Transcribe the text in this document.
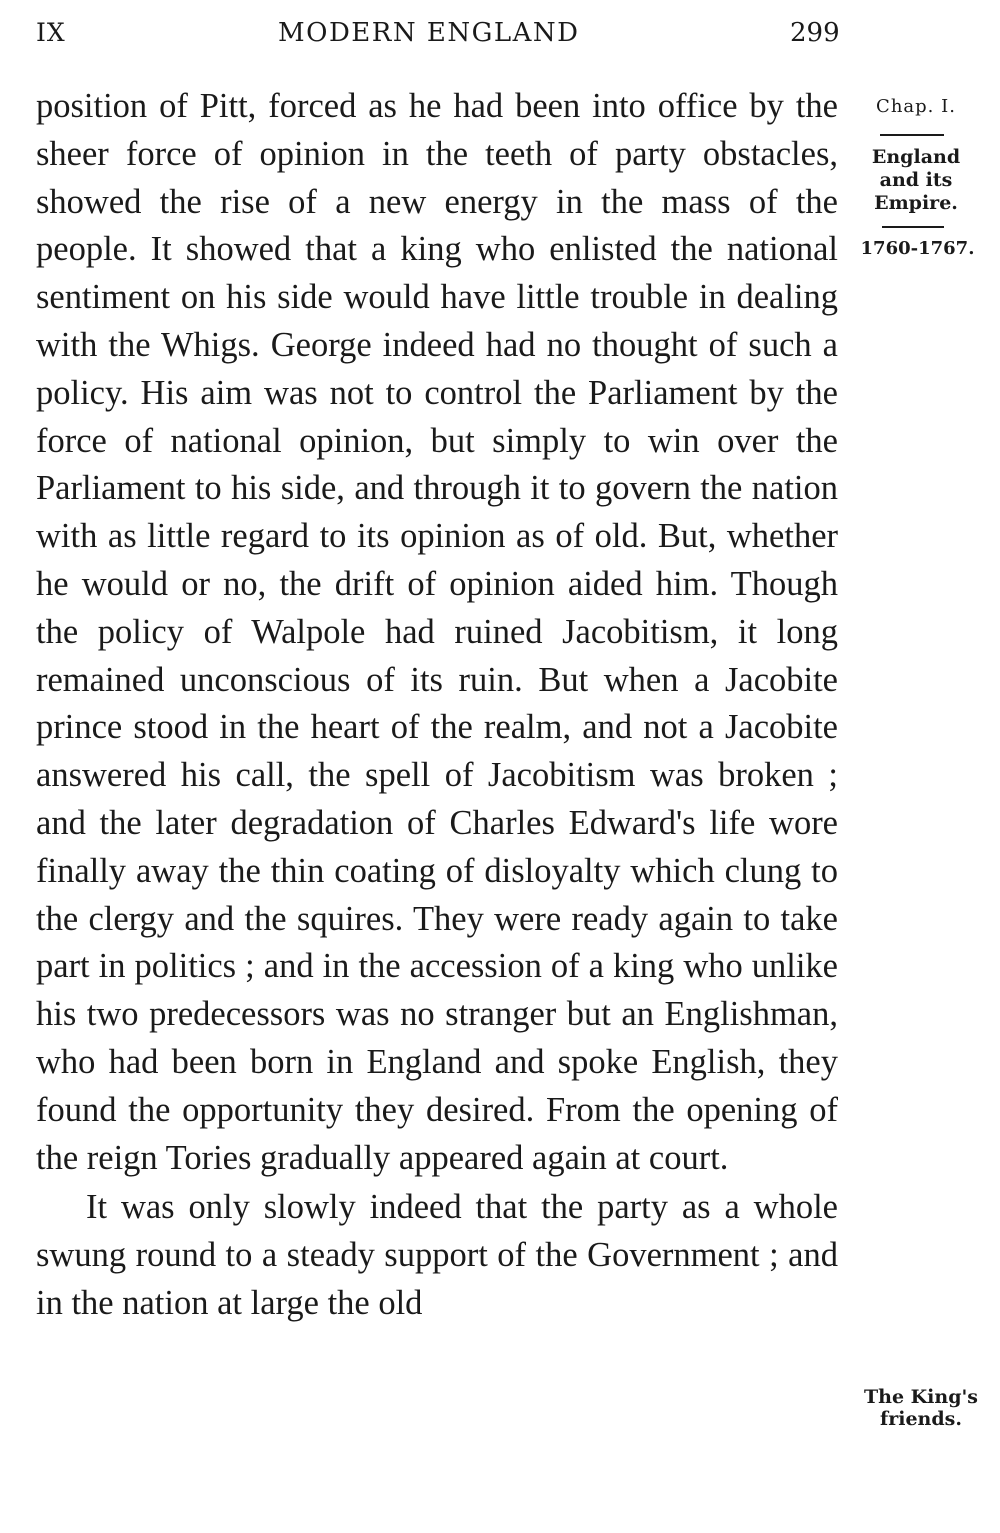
IX	MODERN ENGLAND	299
Chap. I.
England
and its
Empire.
1760-1767.
The King's
friends.

position of Pitt, forced as he had been into office by the sheer force of opinion in the teeth of party obstacles, showed the rise of a new energy in the mass of the people. It showed that a king who enlisted the national sentiment on his side would have little trouble in dealing with the Whigs. George indeed had no thought of such a policy. His aim was not to control the Parliament by the force of national opinion, but simply to win over the Parliament to his side, and through it to govern the nation with as little regard to its opinion as of old. But, whether he would or no, the drift of opinion aided him. Though the policy of Walpole had ruined Jacobitism, it long remained unconscious of its ruin. But when a Jacobite prince stood in the heart of the realm, and not a Jacobite answered his call, the spell of Jacobitism was broken ; and the later degradation of Charles Edward's life wore finally away the thin coating of disloyalty which clung to the clergy and the squires. They were ready again to take part in politics ; and in the accession of a king who unlike his two predecessors was no stranger but an Englishman, who had been born in England and spoke English, they found the opportunity they desired. From the opening of the reign Tories gradually appeared again at court.

It was only slowly indeed that the party as a whole swung round to a steady support of the Government ; and in the nation at large the old
